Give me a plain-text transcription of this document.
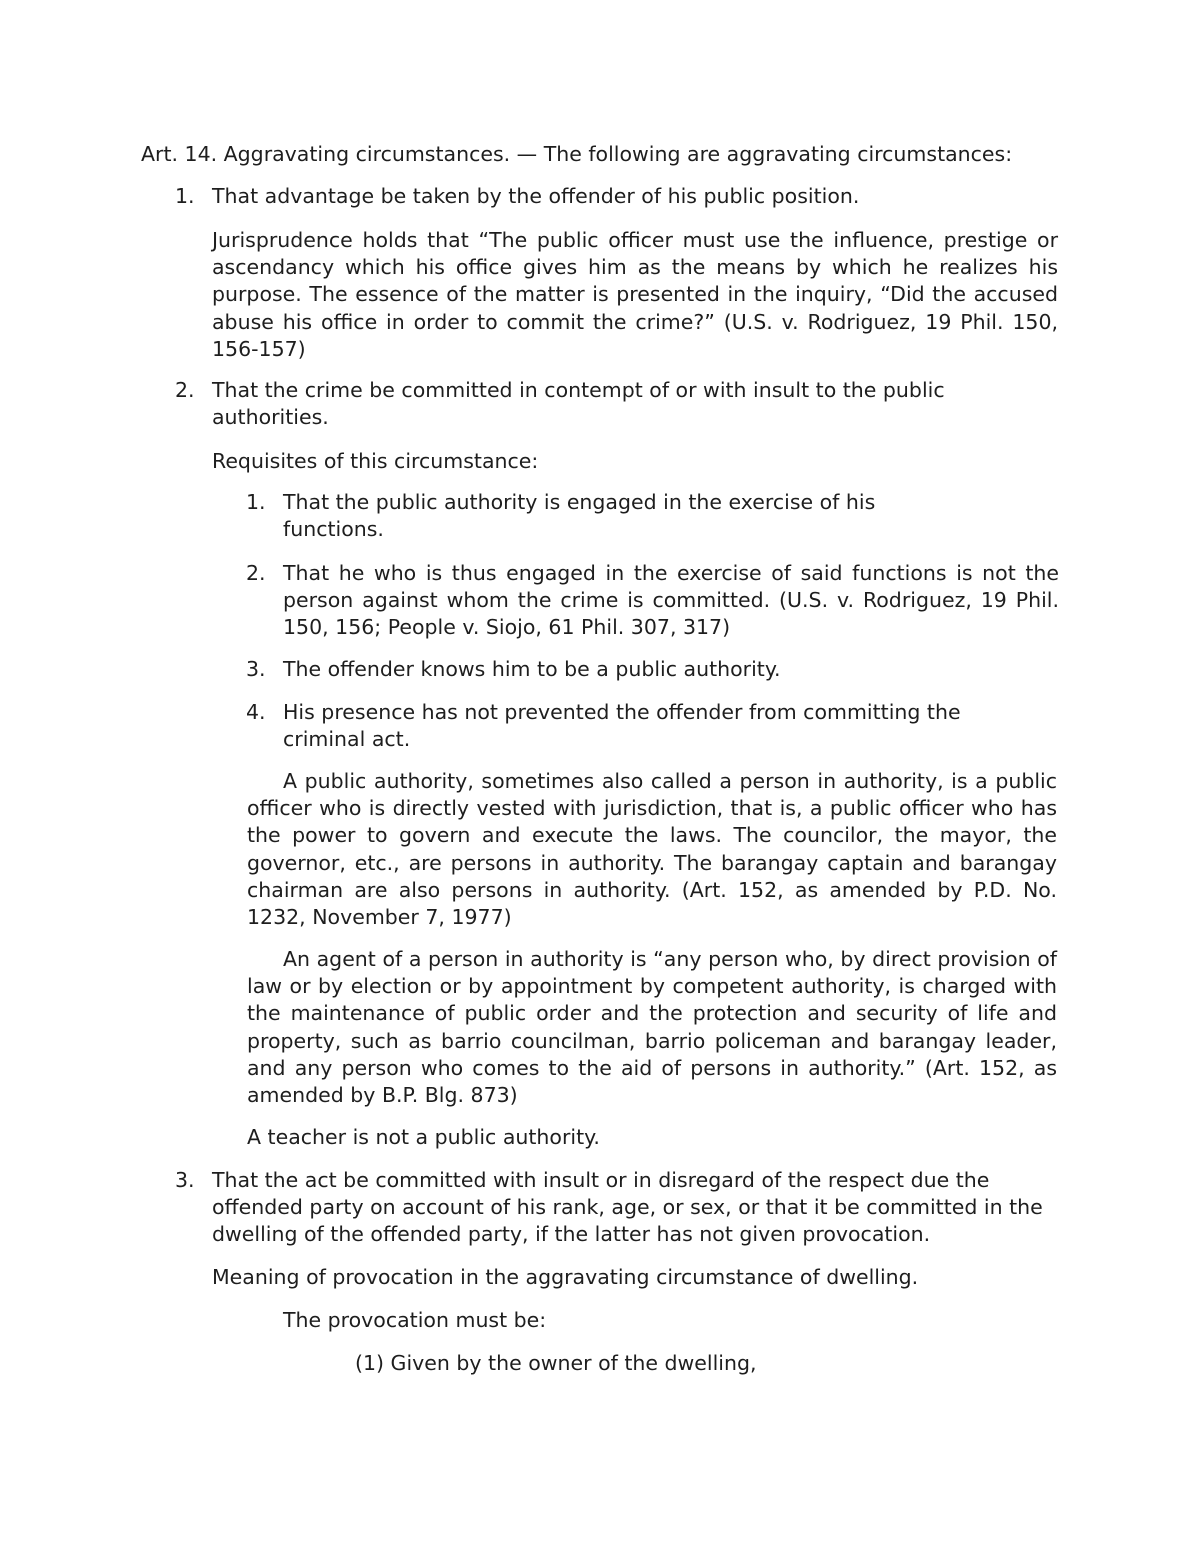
Art. 14. Aggravating circumstances. — The following are aggravating circumstances:

1. That advantage be taken by the offender of his public position.

Jurisprudence holds that “The public officer must use the influence, prestige or ascendancy which his office gives him as the means by which he realizes his purpose. The essence of the matter is presented in the inquiry, “Did the accused abuse his office in order to commit the crime?” (U.S. v. Rodriguez, 19 Phil. 150, 156-157)

2. That the crime be committed in contempt of or with insult to the public authorities.

Requisites of this circumstance:

1. That the public authority is engaged in the exercise of his functions.
2. That he who is thus engaged in the exercise of said functions is not the person against whom the crime is committed. (U.S. v. Rodriguez, 19 Phil. 150, 156; People v. Siojo, 61 Phil. 307, 317)
3. The offender knows him to be a public authority.
4. His presence has not prevented the offender from committing the criminal act.

A public authority, sometimes also called a person in authority, is a public officer who is directly vested with jurisdiction, that is, a public officer who has the power to govern and execute the laws. The councilor, the mayor, the governor, etc., are persons in authority. The barangay captain and barangay chairman are also persons in authority. (Art. 152, as amended by P.D. No. 1232, November 7, 1977)

An agent of a person in authority is “any person who, by direct provision of law or by election or by appointment by competent authority, is charged with the maintenance of public order and the protection and security of life and property, such as barrio councilman, barrio policeman and barangay leader, and any person who comes to the aid of persons in authority.” (Art. 152, as amended by B.P. Blg. 873)

A teacher is not a public authority.

3. That the act be committed with insult or in disregard of the respect due the offended party on account of his rank, age, or sex, or that it be committed in the dwelling of the offended party, if the latter has not given provocation.

Meaning of provocation in the aggravating circumstance of dwelling.

The provocation must be:

(1) Given by the owner of the dwelling,
